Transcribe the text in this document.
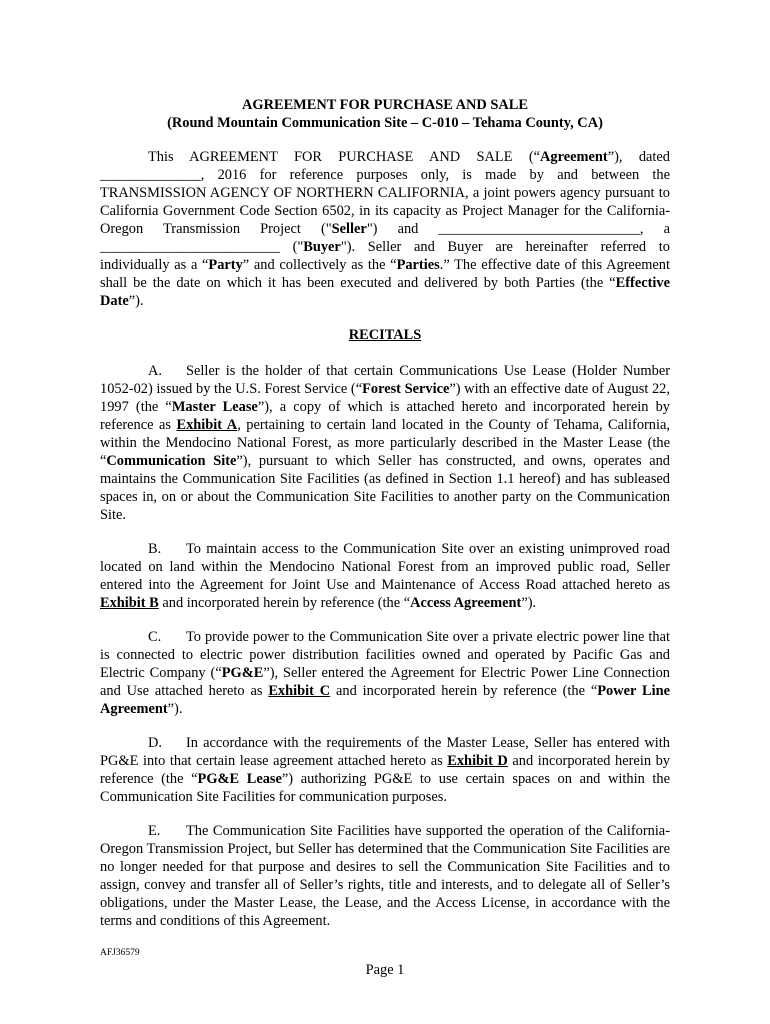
AGREEMENT FOR PURCHASE AND SALE

(Round Mountain Communication Site – C-010 – Tehama County, CA)

This AGREEMENT FOR PURCHASE AND SALE (“Agreement”), dated ______________, 2016 for reference purposes only, is made by and between the TRANSMISSION AGENCY OF NORTHERN CALIFORNIA, a joint powers agency pursuant to California Government Code Section 6502, in its capacity as Project Manager for the California-Oregon Transmission Project ("Seller") and ____________________________, a _________________________ ("Buyer"). Seller and Buyer are hereinafter referred to individually as a “Party” and collectively as the “Parties.” The effective date of this Agreement shall be the date on which it has been executed and delivered by both Parties (the “Effective Date”).

RECITALS

A. Seller is the holder of that certain Communications Use Lease (Holder Number 1052-02) issued by the U.S. Forest Service (“Forest Service”) with an effective date of August 22, 1997 (the “Master Lease”), a copy of which is attached hereto and incorporated herein by reference as Exhibit A, pertaining to certain land located in the County of Tehama, California, within the Mendocino National Forest, as more particularly described in the Master Lease (the “Communication Site”), pursuant to which Seller has constructed, and owns, operates and maintains the Communication Site Facilities (as defined in Section 1.1 hereof) and has subleased spaces in, on or about the Communication Site Facilities to another party on the Communication Site.

B. To maintain access to the Communication Site over an existing unimproved road located on land within the Mendocino National Forest from an improved public road, Seller entered into the Agreement for Joint Use and Maintenance of Access Road attached hereto as Exhibit B and incorporated herein by reference (the “Access Agreement”).

C. To provide power to the Communication Site over a private electric power line that is connected to electric power distribution facilities owned and operated by Pacific Gas and Electric Company (“PG&E”), Seller entered the Agreement for Electric Power Line Connection and Use attached hereto as Exhibit C and incorporated herein by reference (the “Power Line Agreement”).

D. In accordance with the requirements of the Master Lease, Seller has entered with PG&E into that certain lease agreement attached hereto as Exhibit D and incorporated herein by reference (the “PG&E Lease”) authorizing PG&E to use certain spaces on and within the Communication Site Facilities for communication purposes.

E. The Communication Site Facilities have supported the operation of the California-Oregon Transmission Project, but Seller has determined that the Communication Site Facilities are no longer needed for that purpose and desires to sell the Communication Site Facilities and to assign, convey and transfer all of Seller’s rights, title and interests, and to delegate all of Seller’s obligations, under the Master Lease, the Lease, and the Access License, in accordance with the terms and conditions of this Agreement.

AFJ36579
Page 1
